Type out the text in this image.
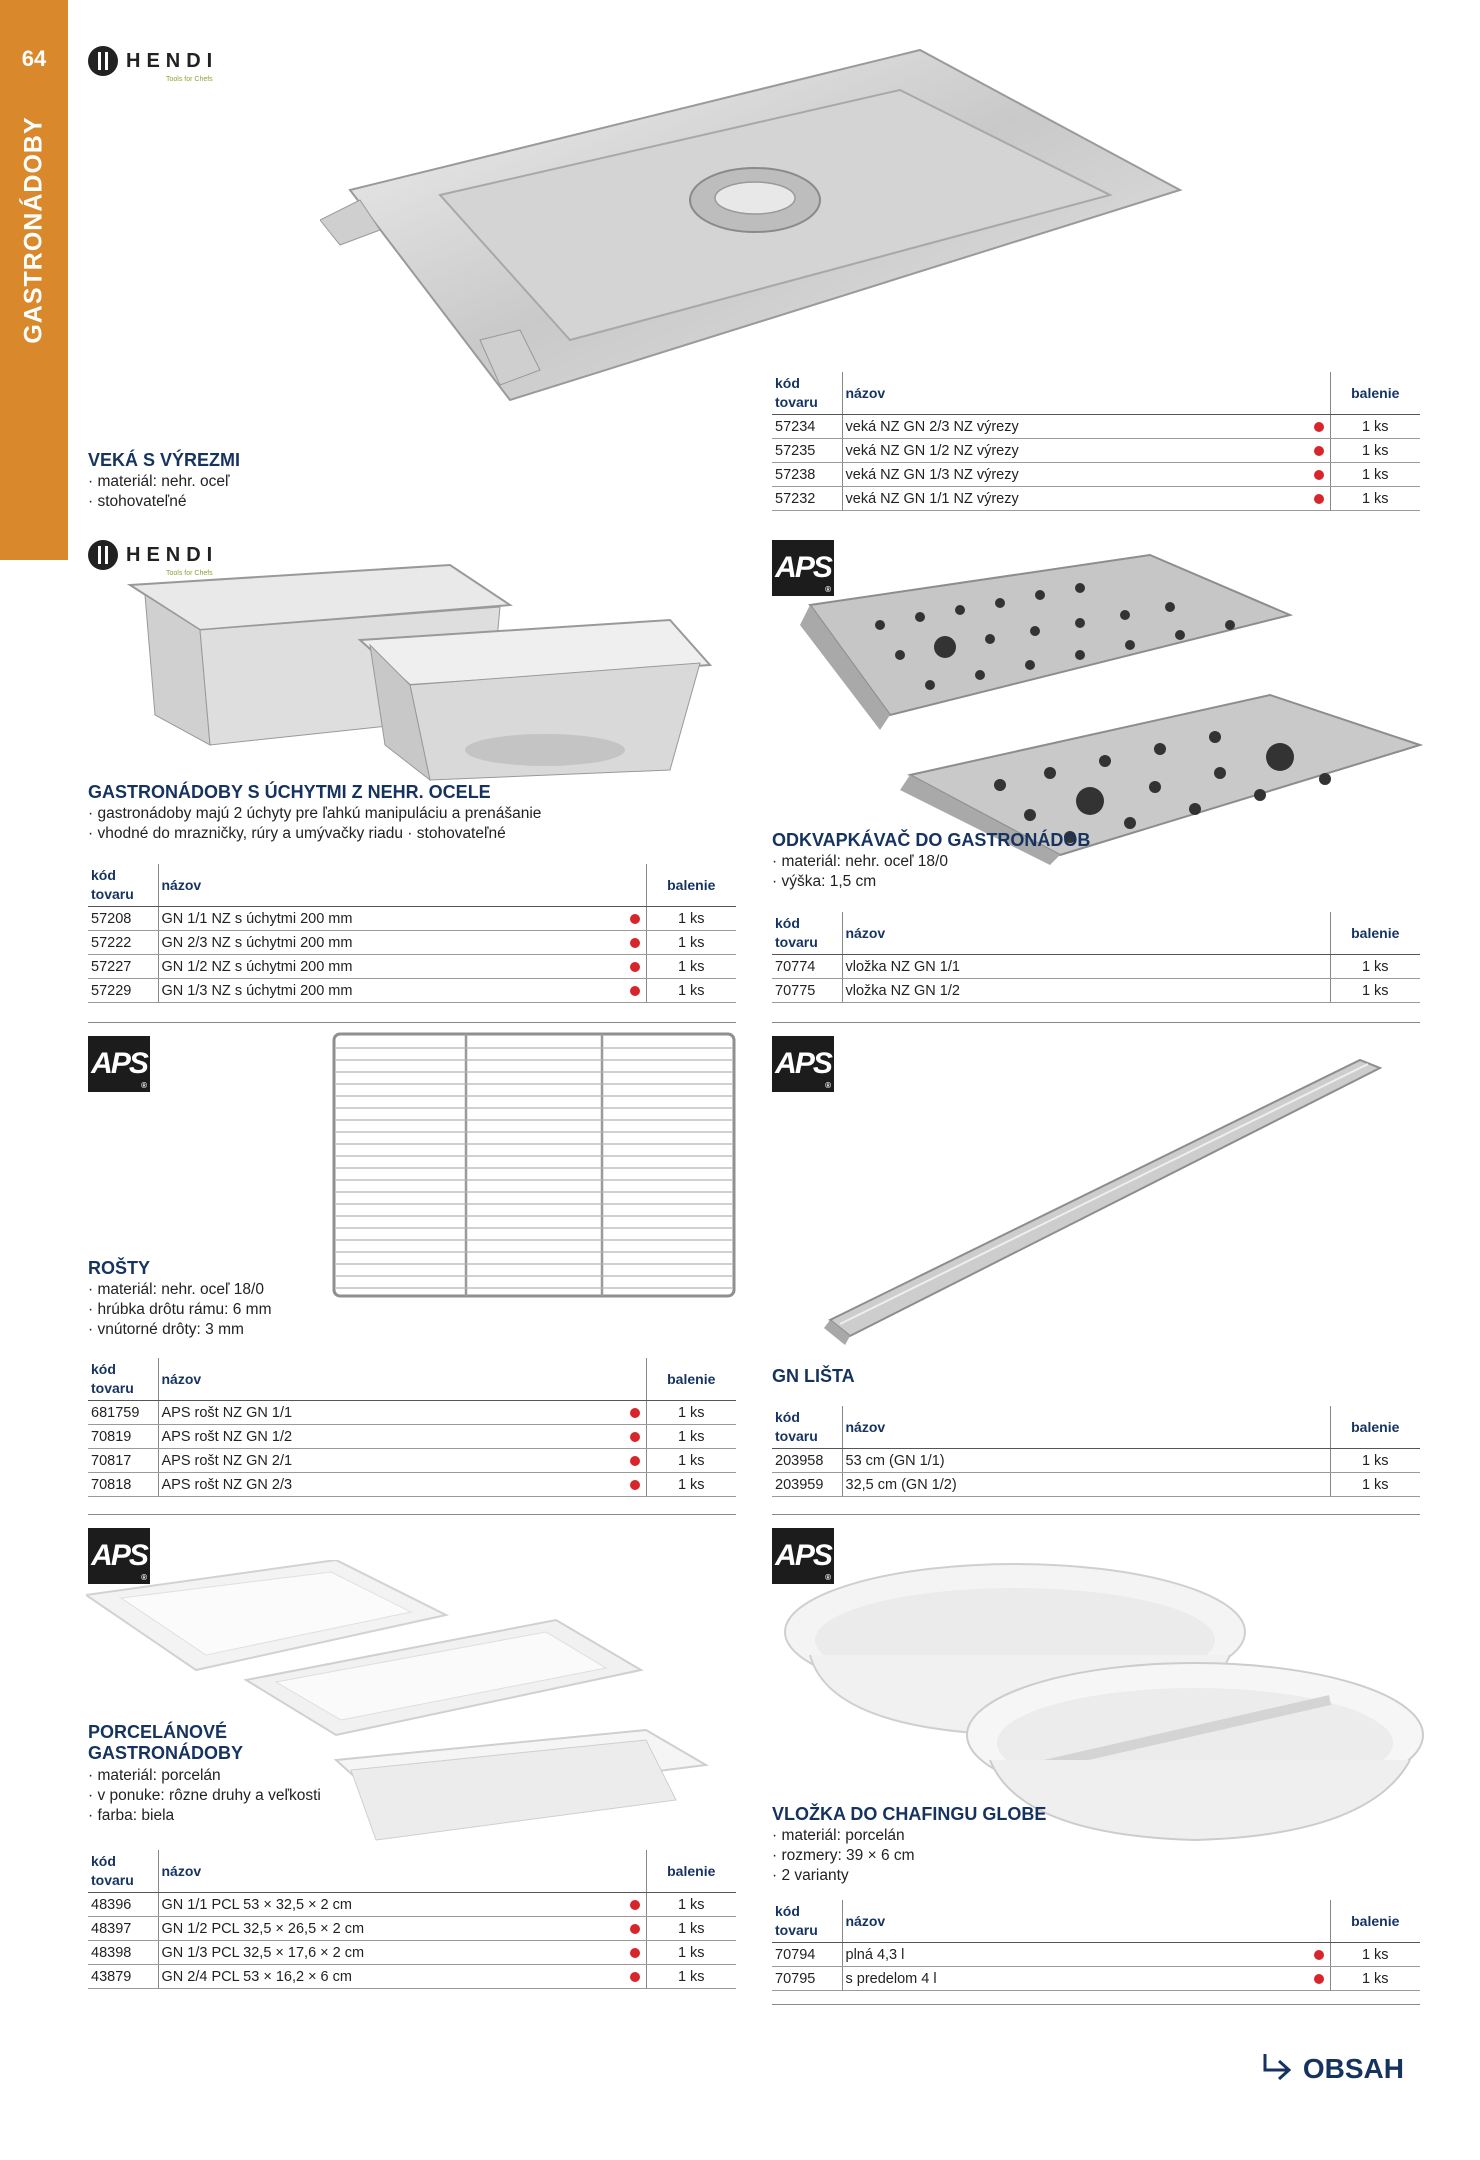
64
GASTRONÁDOBY
HENDI
Tools for Chefs
VEKÁ S VÝREZMI
· materiál: nehr. oceľ
· stohovateľné
kód tovaru	názov	balenie
57234	veká NZ GN 2/3 NZ výrezy	1 ks
57235	veká NZ GN 1/2 NZ výrezy	1 ks
57238	veká NZ GN 1/3 NZ výrezy	1 ks
57232	veká NZ GN 1/1 NZ výrezy	1 ks
HENDI
Tools for Chefs
GASTRONÁDOBY S ÚCHYTMI Z NEHR. OCELE
· gastronádoby majú 2 úchyty pre ľahkú manipuláciu a prenášanie
· vhodné do mrazničky, rúry a umývačky riadu · stohovateľné
kód tovaru	názov	balenie
57208	GN 1/1 NZ s úchytmi 200 mm	1 ks
57222	GN 2/3 NZ s úchytmi 200 mm	1 ks
57227	GN 1/2 NZ s úchytmi 200 mm	1 ks
57229	GN 1/3 NZ s úchytmi 200 mm	1 ks
APS
®
ODKVAPKÁVAČ DO GASTRONÁDOB
· materiál: nehr. oceľ 18/0
· výška: 1,5 cm
kód tovaru	názov	balenie
70774	vložka NZ GN 1/1	1 ks
70775	vložka NZ GN 1/2	1 ks
APS
®
ROŠTY
· materiál: nehr. oceľ 18/0
· hrúbka drôtu rámu: 6 mm
· vnútorné drôty: 3 mm
kód tovaru	názov	balenie
681759	APS rošt NZ GN 1/1	1 ks
70819	APS rošt NZ GN 1/2	1 ks
70817	APS rošt NZ GN 2/1	1 ks
70818	APS rošt NZ GN 2/3	1 ks
APS
®
GN LIŠTA
kód tovaru	názov	balenie
203958	53 cm (GN 1/1)	1 ks
203959	32,5 cm (GN 1/2)	1 ks
APS
®
PORCELÁNOVÉ
GASTRONÁDOBY
· materiál: porcelán
· v ponuke: rôzne druhy a veľkosti
· farba: biela
kód tovaru	názov	balenie
48396	GN 1/1 PCL 53 × 32,5 × 2 cm	1 ks
48397	GN 1/2 PCL 32,5 × 26,5 × 2 cm	1 ks
48398	GN 1/3 PCL 32,5 × 17,6 × 2 cm	1 ks
43879	GN 2/4 PCL 53 × 16,2 × 6 cm	1 ks
APS
®
VLOŽKA DO CHAFINGU GLOBE
· materiál: porcelán
· rozmery: 39 × 6 cm
· 2 varianty
kód tovaru	názov	balenie
70794	plná 4,3 l	1 ks
70795	s predelom 4 l	1 ks
OBSAH
